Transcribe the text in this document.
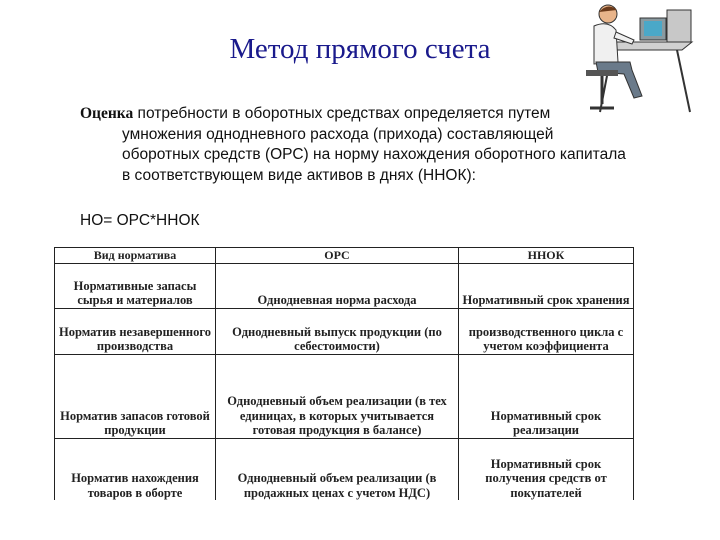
Метод прямого счета
Оценка потребности в оборотных средствах определяется путем
умножения однодневного расхода (прихода) составляющей
оборотных средств (ОРС) на норму нахождения оборотного капитала
в соответствующем виде активов в днях (ННОК):
НО= ОРС*ННОК
Вид норматива	ОРС	ННОК
Нормативные запасы сырья и материалов	Однодневная норма расхода	Нормативный срок хранения
Норматив незавершенного производства	Однодневный выпуск продукции (по себестоимости)	производственного цикла с учетом коэффициента
Норматив запасов готовой продукции	Однодневный объем реализации (в тех единицах, в которых учитывается готовая продукция в балансе)	Нормативный срок реализации
Норматив нахождения товаров в оборте	Однодневный объем реализации (в продажных ценах с учетом НДС)	Нормативный срок получения средств от покупателей
